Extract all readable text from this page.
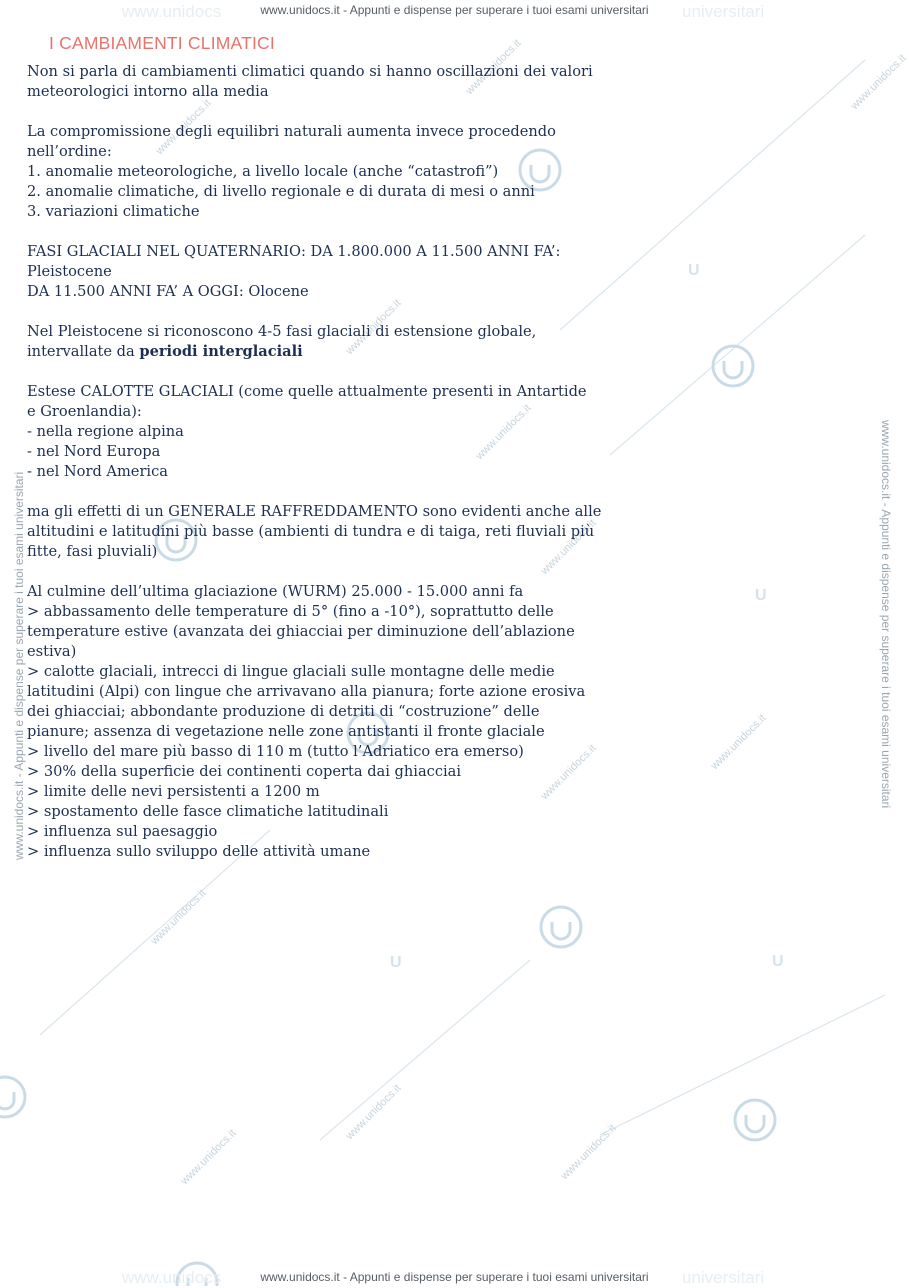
U
U
U	U
www.unidocs.it
www.unidocs.it	www.unidocs.it
www.unidocs.it
www.unidocs.it
www.unidocs.it
www.unidocs.it
www.unidocs.it
www.unidocs.it
www.unidocs.it
www.unidocs.it	www.unidocs.it
www.unidocs	universitari
www.unidocs.it - Appunti e dispense per superare i tuoi esami universitari
www.unidocs	universitari
www.unidocs.it - Appunti e dispense per superare i tuoi esami universitari
www.unidocs.it - Appunti e dispense per superare i tuoi esami universitari	www.unidocs.it - Appunti e dispense per superare i tuoi esami universitari
I CAMBIAMENTI CLIMATICI
Non si parla di cambiamenti climatici quando si hanno oscillazioni dei valori
meteorologici intorno alla media
La compromissione degli equilibri naturali aumenta invece procedendo
nell’ordine:
1. anomalie meteorologiche, a livello locale (anche “catastrofi”)
2. anomalie climatiche, di livello regionale e di durata di mesi o anni
3. variazioni climatiche
FASI GLACIALI NEL QUATERNARIO: DA 1.800.000 A 11.500 ANNI FA’:
Pleistocene
DA 11.500 ANNI FA’ A OGGI: Olocene
Nel Pleistocene si riconoscono 4-5 fasi glaciali di estensione globale,
intervallate da periodi interglaciali
Estese CALOTTE GLACIALI (come quelle attualmente presenti in Antartide
e Groenlandia):
- nella regione alpina
- nel Nord Europa
- nel Nord America
ma gli effetti di un GENERALE RAFFREDDAMENTO sono evidenti anche alle
altitudini e latitudini più basse (ambienti di tundra e di taiga, reti fluviali più
fitte, fasi pluviali)
Al culmine dell’ultima glaciazione (WURM) 25.000 - 15.000 anni fa
> abbassamento delle temperature di 5° (fino a -10°), soprattutto delle
temperature estive (avanzata dei ghiacciai per diminuzione dell’ablazione
estiva)
> calotte glaciali, intrecci di lingue glaciali sulle montagne delle medie
latitudini (Alpi) con lingue che arrivavano alla pianura; forte azione erosiva
dei ghiacciai; abbondante produzione di detriti di “costruzione” delle
pianure; assenza di vegetazione nelle zone antistanti il fronte glaciale
> livello del mare più basso di 110 m (tutto l’Adriatico era emerso)
> 30% della superficie dei continenti coperta dai ghiacciai
> limite delle nevi persistenti a 1200 m
> spostamento delle fasce climatiche latitudinali
> influenza sul paesaggio
> influenza sullo sviluppo delle attività umane
